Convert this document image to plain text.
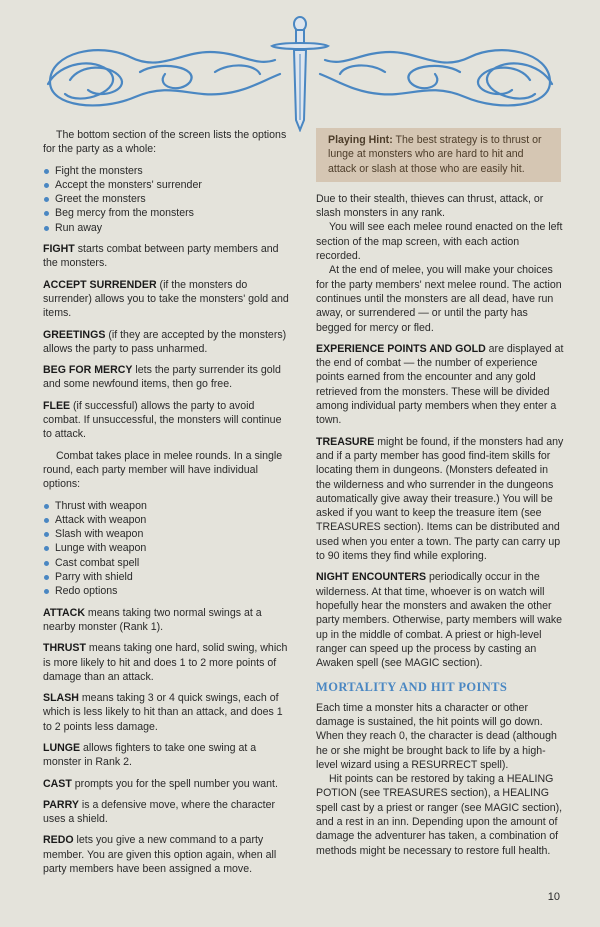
The bottom section of the screen lists the options for the party as a whole:

Fight the monsters
Accept the monsters' surrender
Greet the monsters
Beg mercy from the monsters
Run away

FIGHT starts combat between party members and the monsters.

ACCEPT SURRENDER (if the monsters do surrender) allows you to take the monsters' gold and items.

GREETINGS (if they are accepted by the monsters) allows the party to pass unharmed.

BEG FOR MERCY lets the party surrender its gold and some newfound items, then go free.

FLEE (if successful) allows the party to avoid combat. If unsuccessful, the monsters will continue to attack.

Combat takes place in melee rounds. In a single round, each party member will have individual options:

Thrust with weapon
Attack with weapon
Slash with weapon
Lunge with weapon
Cast combat spell
Parry with shield
Redo options

ATTACK means taking two normal swings at a nearby monster (Rank 1).

THRUST means taking one hard, solid swing, which is more likely to hit and does 1 to 2 more points of damage than an attack.

SLASH means taking 3 or 4 quick swings, each of which is less likely to hit than an attack, and does 1 to 2 points less damage.

LUNGE allows fighters to take one swing at a monster in Rank 2.

CAST prompts you for the spell number you want.

PARRY is a defensive move, where the character uses a shield.

REDO lets you give a new command to a party member. You are given this option again, when all party members have been assigned a move.

Playing Hint: The best strategy is to thrust or lunge at monsters who are hard to hit and attack or slash at those who are easily hit.

Due to their stealth, thieves can thrust, attack, or slash monsters in any rank.

You will see each melee round enacted on the left section of the map screen, with each action recorded.

At the end of melee, you will make your choices for the party members' next melee round. The action continues until the monsters are all dead, have run away, or surrendered — or until the party has begged for mercy or fled.

EXPERIENCE POINTS AND GOLD are displayed at the end of combat — the number of experience points earned from the encounter and any gold retrieved from the monsters. These will be divided among individual party members when they enter a town.

TREASURE might be found, if the monsters had any and if a party member has good find-item skills for locating them in dungeons. (Monsters defeated in the wilderness and who surrender in the dungeons automatically give away their treasure.) You will be asked if you want to keep the treasure item (see TREASURES section). Items can be distributed and used when you enter a town. The party can carry up to 90 items they find while exploring.

NIGHT ENCOUNTERS periodically occur in the wilderness. At that time, whoever is on watch will hopefully hear the monsters and awaken the other party members. Otherwise, party members will wake up in the middle of combat. A priest or high-level ranger can speed up the process by casting an Awaken spell (see MAGIC section).

MORTALITY AND HIT POINTS

Each time a monster hits a character or other damage is sustained, the hit points will go down. When they reach 0, the character is dead (although he or she might be brought back to life by a high-level wizard using a RESURRECT spell).

Hit points can be restored by taking a HEALING POTION (see TREASURES section), a HEALING spell cast by a priest or ranger (see MAGIC section), and a rest in an inn. Depending upon the amount of damage the adventurer has taken, a combination of methods might be necessary to restore full health.

10
